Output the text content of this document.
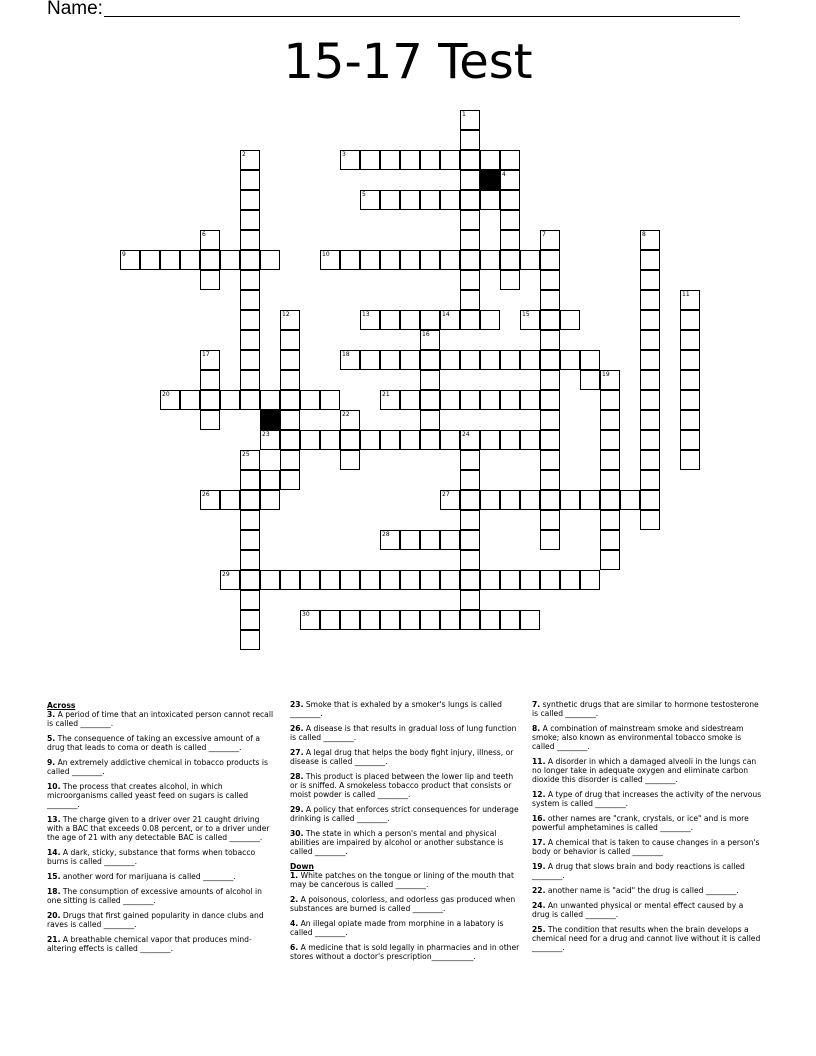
Name:
15-17 Test
1
2	3
4
5
6	7	8
9	10
11
12	13	14	15
16
17	18
19
20	21
22
23	24
25
26	27
28
29
30
Across
3. A period of time that an intoxicated person cannot recall is called ________.
5. The consequence of taking an excessive amount of a drug that leads to coma or death is called ________.
9. An extremely addictive chemical in tobacco products is called ________.
10. The process that creates alcohol, in which microorganisms called yeast feed on sugars is called ________.
13. The charge given to a driver over 21 caught driving with a BAC that exceeds 0.08 percent, or to a driver under the age of 21 with any detectable BAC is called ________.
14. A dark, sticky, substance that forms when tobacco burns is called ________.
15. another word for marijuana is called ________.
18. The consumption of excessive amounts of alcohol in one sitting is called ________.
20. Drugs that first gained popularity in dance clubs and raves is called ________.
21. A breathable chemical vapor that produces mind-altering effects is called ________.
23. Smoke that is exhaled by a smoker's lungs is called ________.
26. A disease is that results in gradual loss of lung function is called ________.
27. A legal drug that helps the body fight injury, illness, or disease is called ________.
28. This product is placed between the lower lip and teeth or is sniffed. A smokeless tobacco product that consists or moist powder is called ________.
29. A policy that enforces strict consequences for underage drinking is called ________.
30. The state in which a person's mental and physical abilities are impaired by alcohol or another substance is called ________.
Down
1. White patches on the tongue or lining of the mouth that may be cancerous is called ________.
2. A poisonous, colorless, and odorless gas produced when substances are burned is called ________.
4. An illegal opiate made from morphine in a labatory is called ________.
6. A medicine that is sold legally in pharmacies and in other stores without a doctor's prescription___________.
7. synthetic drugs that are similar to hormone testosterone is called ________.
8. A combination of mainstream smoke and sidestream smoke; also known as environmental tobacco smoke is called ________.
11. A disorder in which a damaged alveoli in the lungs can no longer take in adequate oxygen and eliminate carbon dioxide this disorder is called ________.
12. A type of drug that increases the activity of the nervous system is called ________.
16. other names are "crank, crystals, or ice" and is more powerful amphetamines is called ________.
17. A chemical that is taken to cause changes in a person's body or behavior is called ________
19. A drug that slows brain and body reactions is called ________.
22. another name is "acid" the drug is called ________.
24. An unwanted physical or mental effect caused by a drug is called ________.
25. The condition that results when the brain develops a chemical need for a drug and cannot live without it is called ________.
